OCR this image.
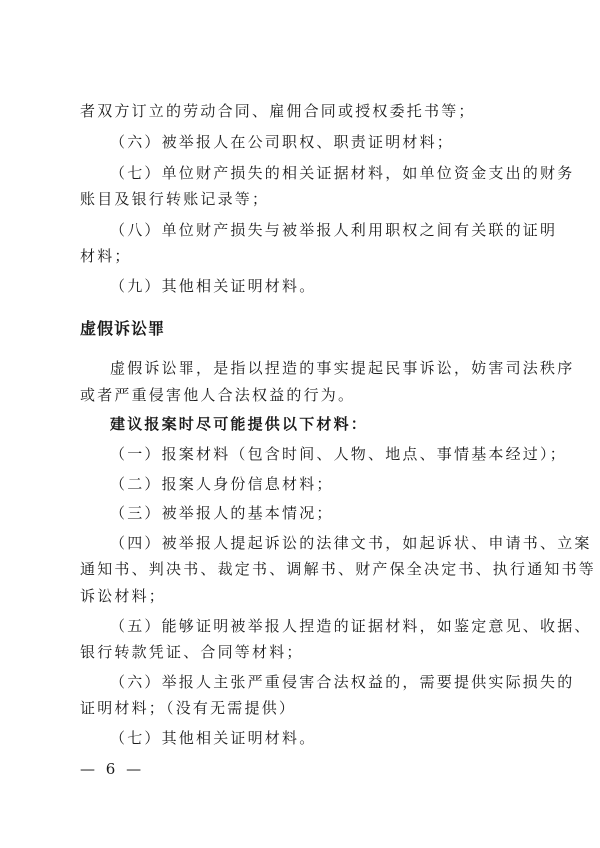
者双方订立的劳动合同、雇佣合同或授权委托书等；
（六）被举报人在公司职权、职责证明材料；
（七）单位财产损失的相关证据材料，如单位资金支出的财务
账目及银行转账记录等；
（八）单位财产损失与被举报人利用职权之间有关联的证明
材料；
（九）其他相关证明材料。
虚假诉讼罪
虚假诉讼罪，是指以捏造的事实提起民事诉讼，妨害司法秩序
或者严重侵害他人合法权益的行为。
建议报案时尽可能提供以下材料：
（一）报案材料（包含时间、人物、地点、事情基本经过）；
（二）报案人身份信息材料；
（三）被举报人的基本情况；
（四）被举报人提起诉讼的法律文书，如起诉状、申请书、立案
通知书、判决书、裁定书、调解书、财产保全决定书、执行通知书等
诉讼材料；
（五）能够证明被举报人捏造的证据材料，如鉴定意见、收据、
银行转款凭证、合同等材料；
（六）举报人主张严重侵害合法权益的，需要提供实际损失的
证明材料；（没有无需提供）
（七）其他相关证明材料。
— 6 —
